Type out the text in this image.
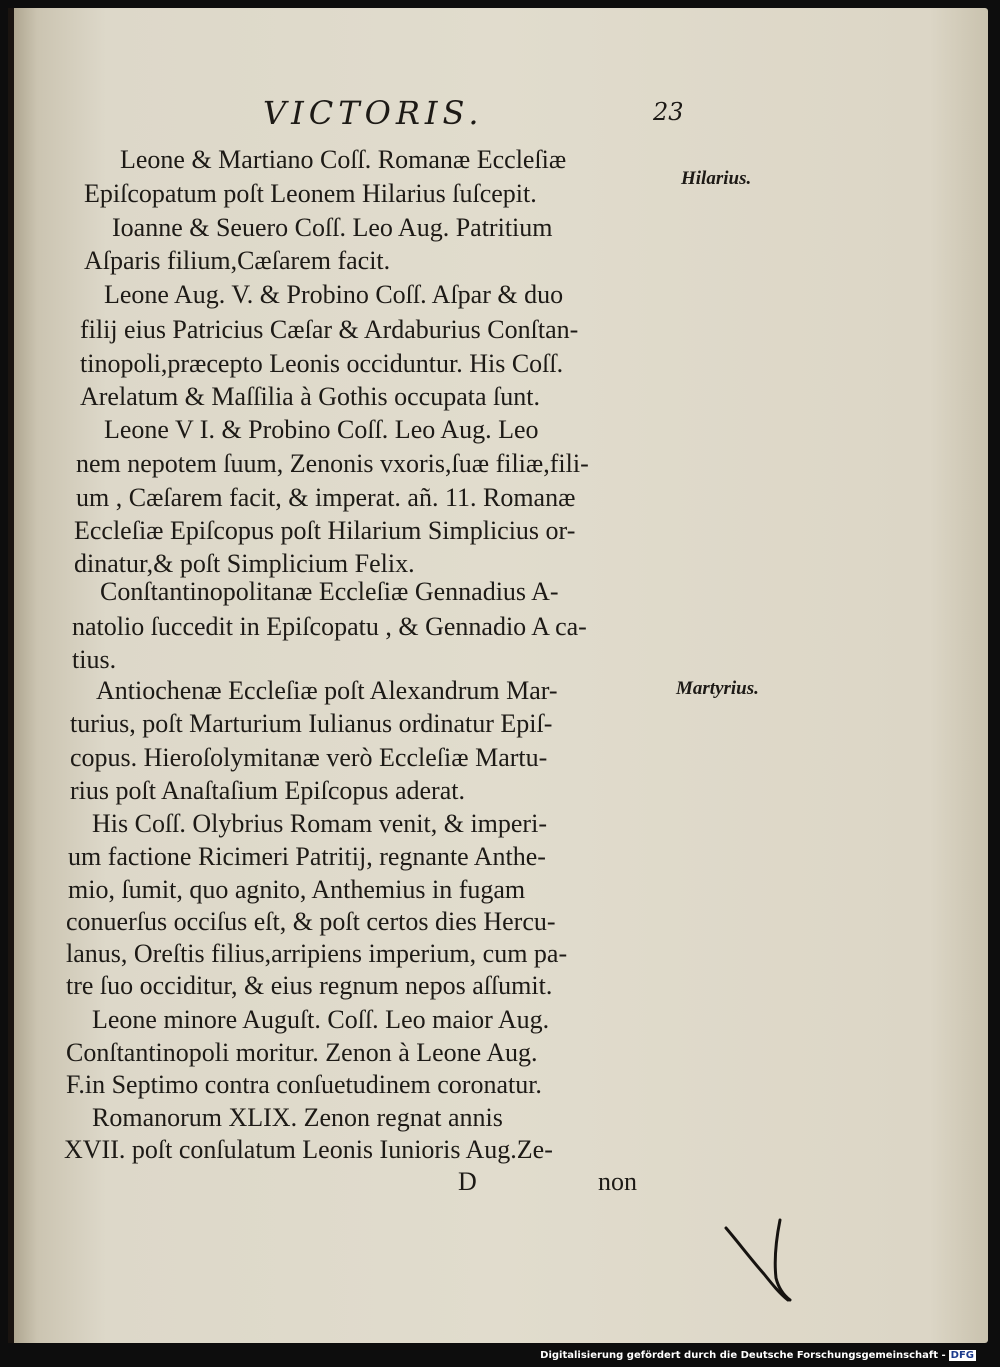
VICTORIS.	23
Leone & Martiano Coſſ. Romanæ Eccleſiæ
Epiſcopatum poſt Leonem Hilarius ſuſcepit.
Ioanne & Seuero Coſſ. Leo Aug. Patritium
Aſparis filium,Cæſarem facit.
Leone Aug. V. & Probino Coſſ. Aſpar & duo
filij eius Patricius Cæſar & Ardaburius Conſtan-
tinopoli,præcepto Leonis occiduntur. His Coſſ.
Arelatum & Maſſilia à Gothis occupata ſunt.
Leone V I. & Probino Coſſ. Leo Aug. Leo
nem nepotem ſuum, Zenonis vxoris,ſuæ filiæ,fili-
um , Cæſarem facit, & imperat. añ. 11. Romanæ
Eccleſiæ Epiſcopus poſt Hilarium Simplicius or-
dinatur,& poſt Simplicium Felix.
Conſtantinopolitanæ Eccleſiæ Gennadius A-
natolio ſuccedit in Epiſcopatu , & Gennadio A ca-
tius.
Antiochenæ Eccleſiæ poſt Alexandrum Mar-
turius, poſt Marturium Iulianus ordinatur Epiſ-
copus. Hieroſolymitanæ verò Eccleſiæ Martu-
rius poſt Anaſtaſium Epiſcopus aderat.
His Coſſ. Olybrius Romam venit, & imperi-
um factione Ricimeri Patritij, regnante Anthe-
mio, ſumit, quo agnito, Anthemius in fugam
conuerſus occiſus eſt, & poſt certos dies Hercu-
lanus, Oreſtis filius,arripiens imperium, cum pa-
tre ſuo occiditur, & eius regnum nepos aſſumit.
Leone minore Auguſt. Coſſ. Leo maior Aug.
Conſtantinopoli moritur. Zenon à Leone Aug.
F.in Septimo contra conſuetudinem coronatur.
Romanorum XLIX. Zenon regnat annis
XVII. poſt conſulatum Leonis Iunioris Aug.Ze-
Hilarius.
Martyrius.
D	non
Digitalisierung gefördert durch die Deutsche Forschungsgemeinschaft - DFG
